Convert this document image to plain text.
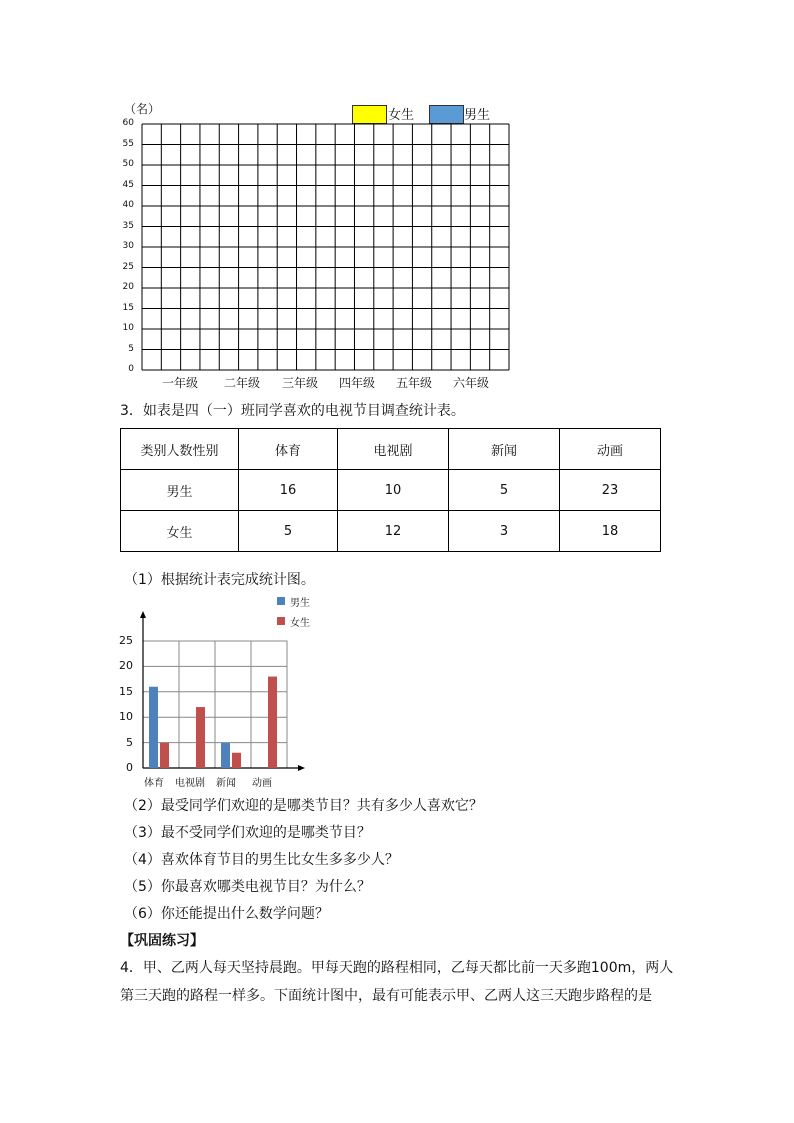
（名）	女生	男生
60
55
50
45
40
35
30
25
20
15
10
5
0
一年级 二年级 三年级 四年级 五年级 六年级
3．如表是四（一）班同学喜欢的电视节目调查统计表。
类别人数性别	体育	电视剧	新闻	动画
男生	16	10	5	23
女生	5	12	3	18
（1）根据统计表完成统计图。
男生
女生
25
20
15
10
5
0
体育	电视剧	新闻	动画
（2）最受同学们欢迎的是哪类节目？共有多少人喜欢它？
（3）最不受同学们欢迎的是哪类节目？
（4）喜欢体育节目的男生比女生多多少人？
（5）你最喜欢哪类电视节目？为什么？
（6）你还能提出什么数学问题？
【巩固练习】
4．甲、乙两人每天坚持晨跑。甲每天跑的路程相同，乙每天都比前一天多跑100m，两人
第三天跑的路程一样多。下面统计图中，最有可能表示甲、乙两人这三天跑步路程的是
